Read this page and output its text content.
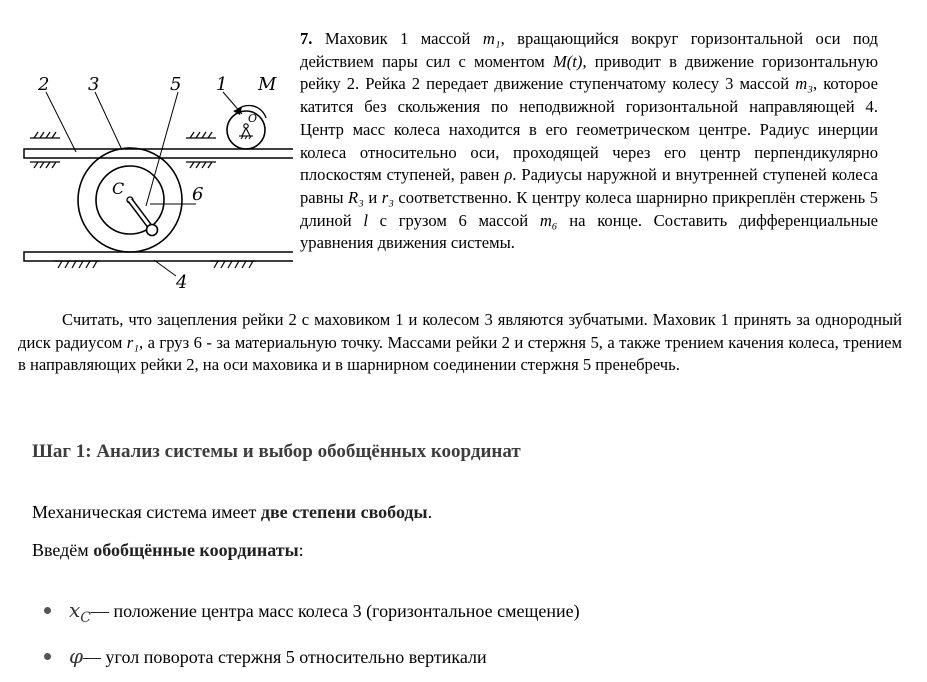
2 3	5 1 M
O
C	6
4
7. Маховик 1 массой m₁, вращающийся вокруг горизонтальной оси под действием пары сил с моментом M(t), приводит в движение горизонтальную рейку 2. Рейка 2 передает движение ступенчатому колесу 3 массой m₃, которое катится без скольжения по неподвижной горизонтальной направляющей 4. Центр масс колеса находится в его геометрическом центре. Радиус инерции колеса относительно оси, проходящей через его центр перпендикулярно плоскостям ступеней, равен ρ. Радиусы наружной и внутренней ступеней колеса равны R₃ и r₃ соответственно. К центру колеса шарнирно прикреплён стержень 5 длиной l с грузом 6 массой m₆ на конце. Составить дифференциальные уравнения движения системы.
Считать, что зацепления рейки 2 с маховиком 1 и колесом 3 являются зубчатыми. Маховик 1 принять за однородный диск радиусом r₁, а груз 6 - за материальную точку. Массами рейки 2 и стержня 5, а также трением качения колеса, трением в направляющих рейки 2, на оси маховика и в шарнирном соединении стержня 5 пренебречь.
Шаг 1: Анализ системы и выбор обобщённых координат

Механическая система имеет две степени свободы.

Введём обобщённые координаты:

$x_C$ — положение центра масс колеса 3 (горизонтальное смещение)
φ — угол поворота стержня 5 относительно вертикали
